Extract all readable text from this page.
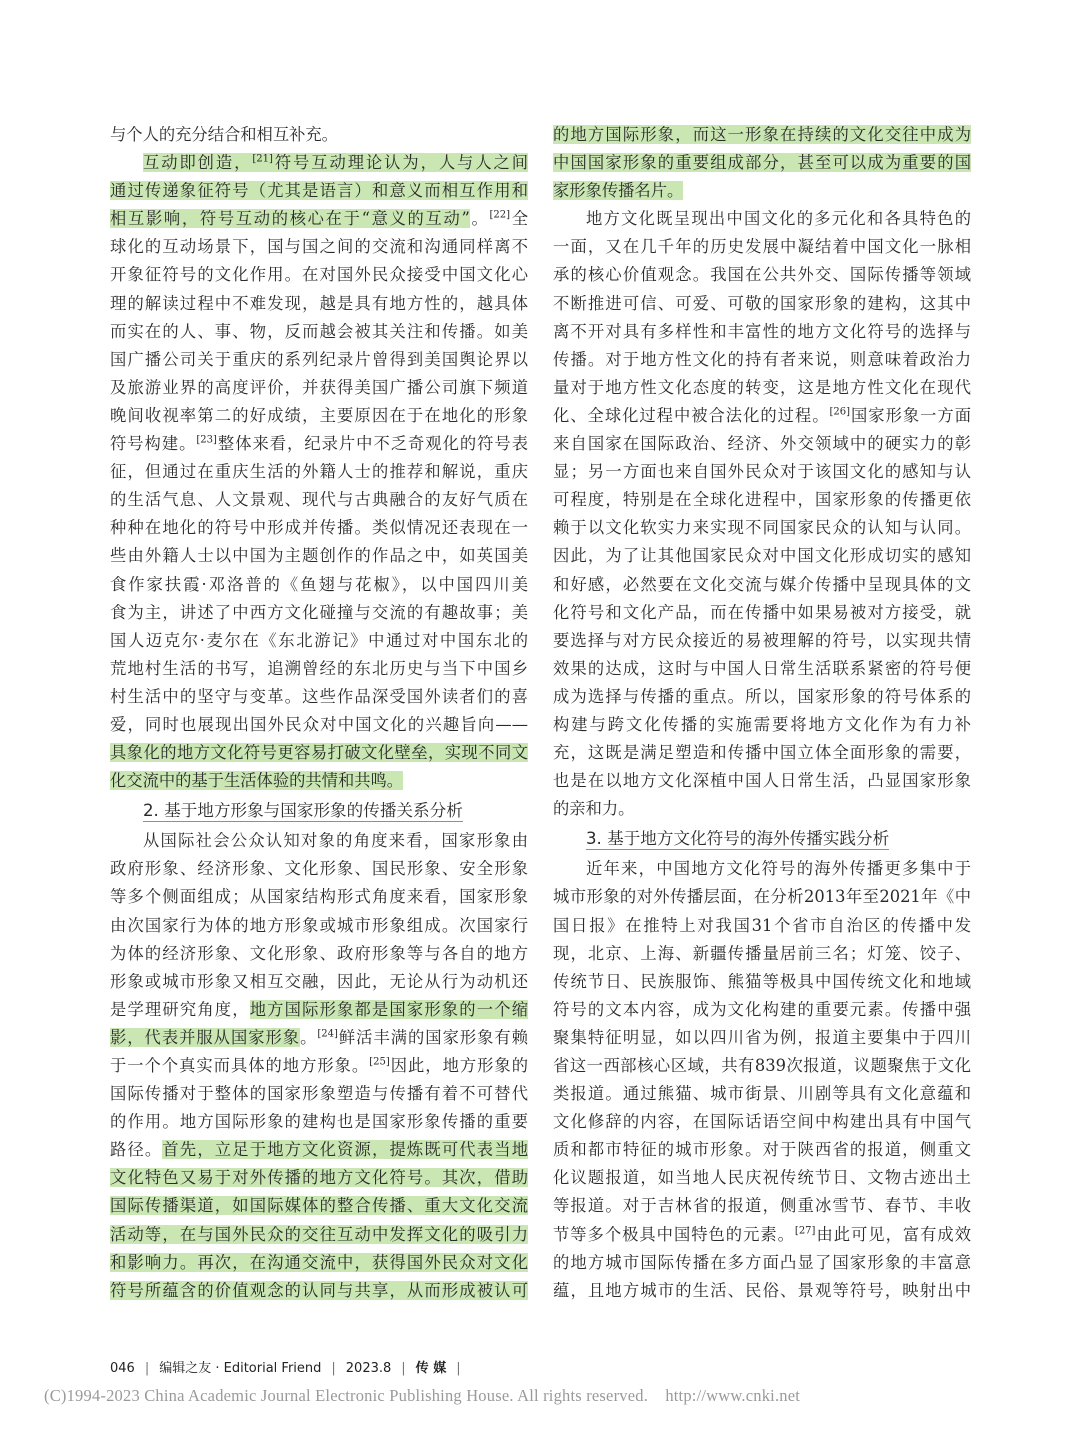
与个人的充分结合和相互补充。
互动即创造，[21]符号互动理论认为，人与人之间
通过传递象征符号（尤其是语言）和意义而相互作用和
相互影响，符号互动的核心在于“意义的互动”。[22]全
球化的互动场景下，国与国之间的交流和沟通同样离不
开象征符号的文化作用。在对国外民众接受中国文化心
理的解读过程中不难发现，越是具有地方性的，越具体
而实在的人、事、物，反而越会被其关注和传播。如美
国广播公司关于重庆的系列纪录片曾得到美国舆论界以
及旅游业界的高度评价，并获得美国广播公司旗下频道
晚间收视率第二的好成绩，主要原因在于在地化的形象
符号构建。[23]整体来看，纪录片中不乏奇观化的符号表
征，但通过在重庆生活的外籍人士的推荐和解说，重庆
的生活气息、人文景观、现代与古典融合的友好气质在
种种在地化的符号中形成并传播。类似情况还表现在一
些由外籍人士以中国为主题创作的作品之中，如英国美
食作家扶霞·邓洛普的《鱼翅与花椒》，以中国四川美
食为主，讲述了中西方文化碰撞与交流的有趣故事；美
国人迈克尔·麦尔在《东北游记》中通过对中国东北的
荒地村生活的书写，追溯曾经的东北历史与当下中国乡
村生活中的坚守与变革。这些作品深受国外读者们的喜
爱，同时也展现出国外民众对中国文化的兴趣旨向——
具象化的地方文化符号更容易打破文化壁垒，实现不同文
化交流中的基于生活体验的共情和共鸣。
2. 基于地方形象与国家形象的传播关系分析
从国际社会公众认知对象的角度来看，国家形象由
政府形象、经济形象、文化形象、国民形象、安全形象
等多个侧面组成；从国家结构形式角度来看，国家形象
由次国家行为体的地方形象或城市形象组成。次国家行
为体的经济形象、文化形象、政府形象等与各自的地方
形象或城市形象又相互交融，因此，无论从行为动机还
是学理研究角度，地方国际形象都是国家形象的一个缩
影，代表并服从国家形象。[24]鲜活丰满的国家形象有赖
于一个个真实而具体的地方形象。[25]因此，地方形象的
国际传播对于整体的国家形象塑造与传播有着不可替代
的作用。地方国际形象的建构也是国家形象传播的重要
路径。首先，立足于地方文化资源，提炼既可代表当地
文化特色又易于对外传播的地方文化符号。其次，借助
国际传播渠道，如国际媒体的整合传播、重大文化交流
活动等，在与国外民众的交往互动中发挥文化的吸引力
和影响力。再次，在沟通交流中，获得国外民众对文化
符号所蕴含的价值观念的认同与共享，从而形成被认可
的地方国际形象，而这一形象在持续的文化交往中成为
中国国家形象的重要组成部分，甚至可以成为重要的国
家形象传播名片。
地方文化既呈现出中国文化的多元化和各具特色的
一面，又在几千年的历史发展中凝结着中国文化一脉相
承的核心价值观念。我国在公共外交、国际传播等领域
不断推进可信、可爱、可敬的国家形象的建构，这其中
离不开对具有多样性和丰富性的地方文化符号的选择与
传播。对于地方性文化的持有者来说，则意味着政治力
量对于地方性文化态度的转变，这是地方性文化在现代
化、全球化过程中被合法化的过程。[26]国家形象一方面
来自国家在国际政治、经济、外交领域中的硬实力的彰
显；另一方面也来自国外民众对于该国文化的感知与认
可程度，特别是在全球化进程中，国家形象的传播更依
赖于以文化软实力来实现不同国家民众的认知与认同。
因此，为了让其他国家民众对中国文化形成切实的感知
和好感，必然要在文化交流与媒介传播中呈现具体的文
化符号和文化产品，而在传播中如果易被对方接受，就
要选择与对方民众接近的易被理解的符号，以实现共情
效果的达成，这时与中国人日常生活联系紧密的符号便
成为选择与传播的重点。所以，国家形象的符号体系的
构建与跨文化传播的实施需要将地方文化作为有力补
充，这既是满足塑造和传播中国立体全面形象的需要，
也是在以地方文化深植中国人日常生活，凸显国家形象
的亲和力。
3. 基于地方文化符号的海外传播实践分析
近年来，中国地方文化符号的海外传播更多集中于
城市形象的对外传播层面，在分析2013年至2021年《中
国日报》在推特上对我国31个省市自治区的传播中发
现，北京、上海、新疆传播量居前三名；灯笼、饺子、
传统节日、民族服饰、熊猫等极具中国传统文化和地域
符号的文本内容，成为文化构建的重要元素。传播中强
聚集特征明显，如以四川省为例，报道主要集中于四川
省这一西部核心区域，共有839次报道，议题聚焦于文化
类报道。通过熊猫、城市街景、川剧等具有文化意蕴和
文化修辞的内容，在国际话语空间中构建出具有中国气
质和都市特征的城市形象。对于陕西省的报道，侧重文
化议题报道，如当地人民庆祝传统节日、文物古迹出土
等报道。对于吉林省的报道，侧重冰雪节、春节、丰收
节等多个极具中国特色的元素。[27]由此可见，富有成效
的地方城市国际传播在多方面凸显了国家形象的丰富意
蕴，且地方城市的生活、民俗、景观等符号，映射出中
046 | 编辑之友 · Editorial Friend | 2023.8 | 传 媒 |
(C)1994-2023 China Academic Journal Electronic Publishing House. All rights reserved.    http://www.cnki.net
